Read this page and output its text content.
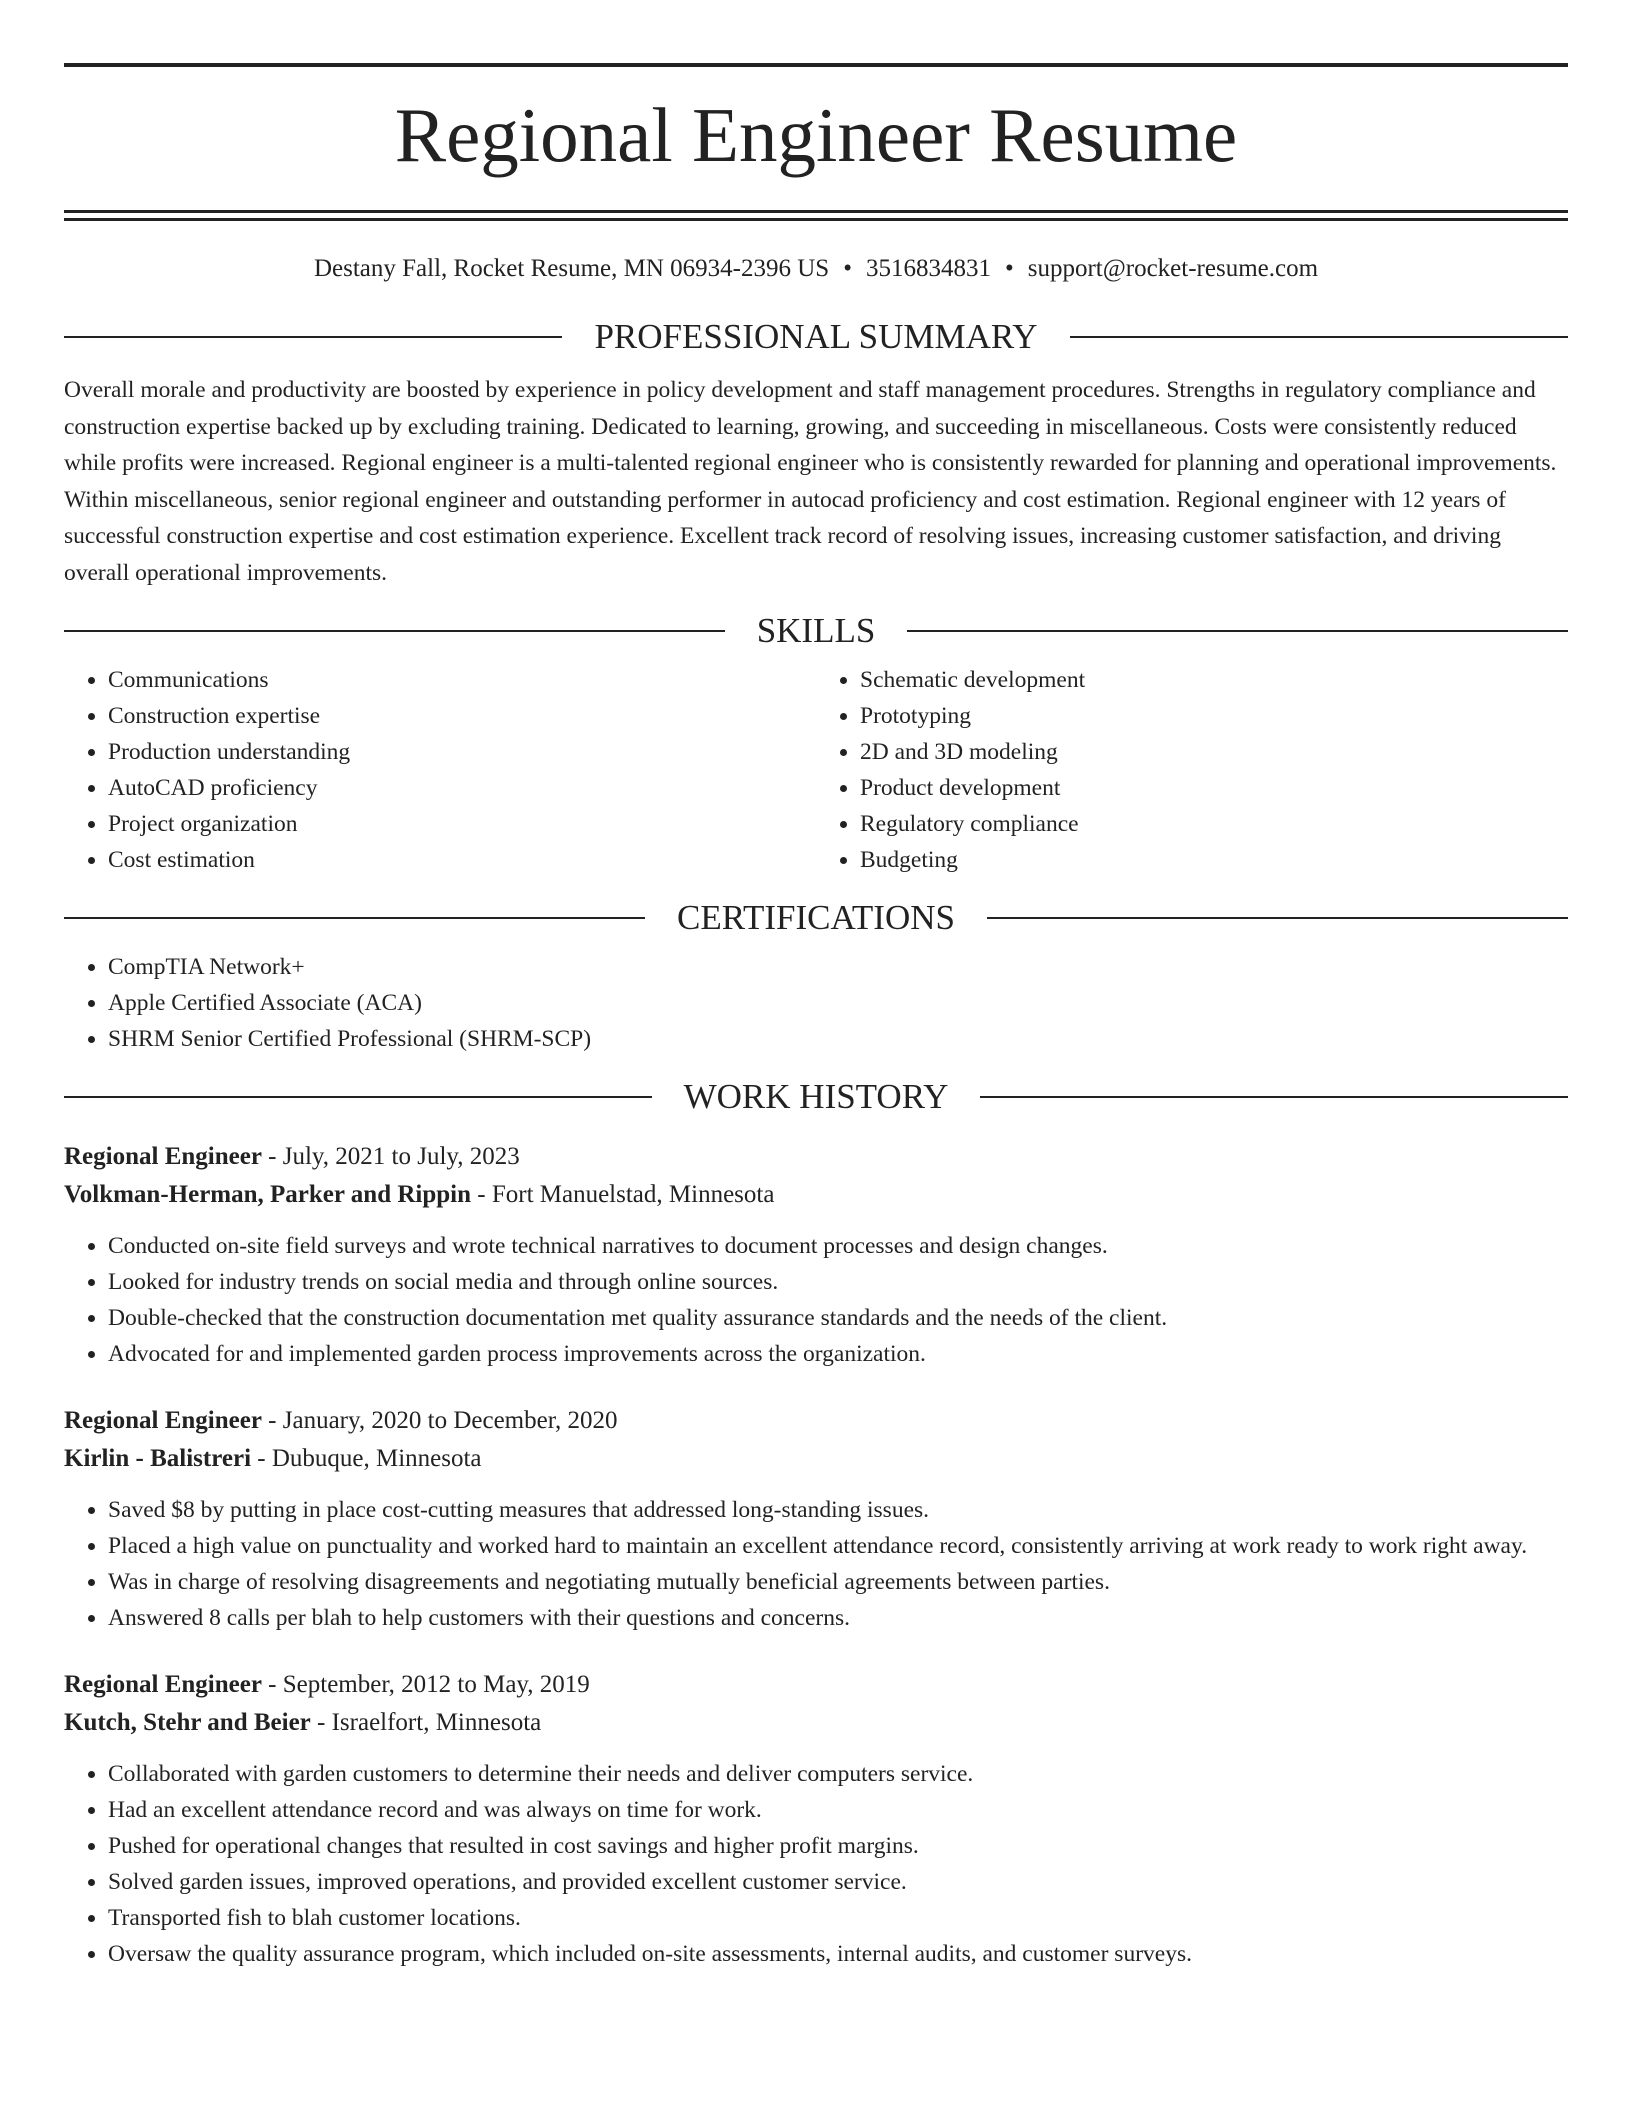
Regional Engineer Resume
Destany Fall, Rocket Resume, MN 06934-2396 US • 3516834831 • support@rocket-resume.com
PROFESSIONAL SUMMARY

Overall morale and productivity are boosted by experience in policy development and staff management procedures. Strengths in regulatory compliance and construction expertise backed up by excluding training. Dedicated to learning, growing, and succeeding in miscellaneous. Costs were consistently reduced while profits were increased. Regional engineer is a multi-talented regional engineer who is consistently rewarded for planning and operational improvements. Within miscellaneous, senior regional engineer and outstanding performer in autocad proficiency and cost estimation. Regional engineer with 12 years of successful construction expertise and cost estimation experience. Excellent track record of resolving issues, increasing customer satisfaction, and driving overall operational improvements.

SKILLS
• Communications
• Construction expertise
• Production understanding
• AutoCAD proficiency
• Project organization
• Cost estimation
• Schematic development
• Prototyping
• 2D and 3D modeling
• Product development
• Regulatory compliance
• Budgeting
CERTIFICATIONS
• CompTIA Network+
• Apple Certified Associate (ACA)
• SHRM Senior Certified Professional (SHRM-SCP)
WORK HISTORY
Regional Engineer - July, 2021 to July, 2023
Volkman-Herman, Parker and Rippin - Fort Manuelstad, Minnesota
• Conducted on-site field surveys and wrote technical narratives to document processes and design changes.
• Looked for industry trends on social media and through online sources.
• Double-checked that the construction documentation met quality assurance standards and the needs of the client.
• Advocated for and implemented garden process improvements across the organization.
Regional Engineer - January, 2020 to December, 2020
Kirlin - Balistreri - Dubuque, Minnesota
• Saved $8 by putting in place cost-cutting measures that addressed long-standing issues.
• Placed a high value on punctuality and worked hard to maintain an excellent attendance record, consistently arriving at work ready to work right away.
• Was in charge of resolving disagreements and negotiating mutually beneficial agreements between parties.
• Answered 8 calls per blah to help customers with their questions and concerns.
Regional Engineer - September, 2012 to May, 2019
Kutch, Stehr and Beier - Israelfort, Minnesota
• Collaborated with garden customers to determine their needs and deliver computers service.
• Had an excellent attendance record and was always on time for work.
• Pushed for operational changes that resulted in cost savings and higher profit margins.
• Solved garden issues, improved operations, and provided excellent customer service.
• Transported fish to blah customer locations.
• Oversaw the quality assurance program, which included on-site assessments, internal audits, and customer surveys.
